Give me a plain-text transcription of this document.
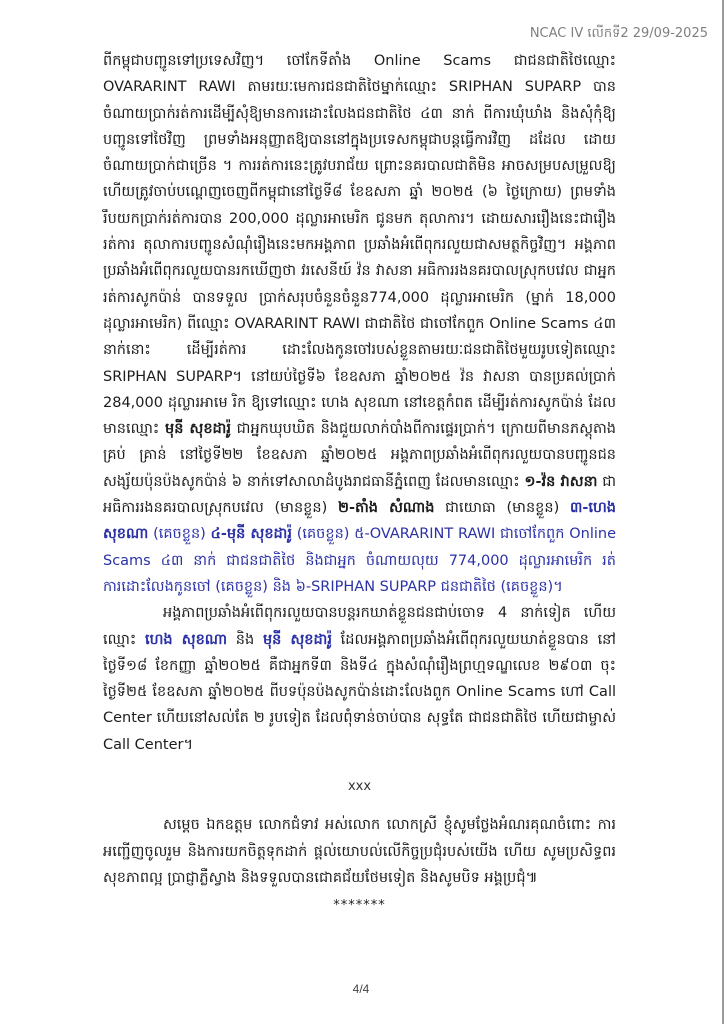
NCAC IV លើកទី2 29/09-2025

ពីកម្ពុជាបញ្ជូនទៅប្រទេសវិញ។ ចៅកែទីតាំង Online Scams ជាជនជាតិថៃឈ្មោះ OVARARINT RAWI តាមរយៈមេការជនជាតិថៃម្នាក់ឈ្មោះ SRIPHAN SUPARP បានចំណាយប្រាក់រត់ការដើម្បីសុំឱ្យមានការដោះលែងជនជាតិថៃ ៤៣ នាក់ ពីការឃុំឃាំង និងសុំកុំឱ្យបញ្ជូនទៅថៃវិញ ព្រមទាំងអនុញ្ញាតឱ្យបាននៅក្នុងប្រទេសកម្ពុជាបន្តធ្វើការវិញ ដដែល ដោយចំណាយប្រាក់ជាច្រើន ។ ការរត់ការនេះត្រូវបរាជ័យ ព្រោះនគរបាលជាតិមិន អាចសម្របសម្រួលឱ្យ ហើយត្រូវចាប់បណ្តេញចេញពីកម្ពុជានៅថ្ងៃទី៨ ខែឧសភា ឆ្នាំ ២០២៥ (៦ ថ្ងៃក្រោយ) ព្រមទាំងរឹបយកប្រាក់រត់ការបាន 200,000 ដុល្លារអាមេរិក ជូនមក តុលាការ។ ដោយសាររឿងនេះជារឿងរត់ការ តុលាការបញ្ជូនសំណុំរឿងនេះមកអង្គភាព ប្រឆាំងអំពើពុករលួយជាសមត្ថកិច្ចវិញ។ អង្គភាពប្រឆាំងអំពើពុករលួយបានរកឃើញថា វរសេនីយ៍ វ៉ន វាសនា អធិការរងនគរបាលស្រុកបវេល ជាអ្នករត់ការសូកប៉ាន់ បានទទួល ប្រាក់សរុបចំនួនចំនួន774,000 ដុល្លារអាមេរិក (ម្នាក់ 18,000 ដុល្លារអាមេរិក) ពីឈ្មោះ OVARARINT RAWI ជាជាតិថៃ ជាចៅកែពួក Online Scams ៤៣ នាក់នោះ ដើម្បីរត់ការ ដោះលែងកូនចៅរបស់ខ្លួនតាមរយៈជនជាតិថៃមួយរូបទៀតឈ្មោះ SRIPHAN SUPARP។ នៅយប់ថ្ងៃទី៦ ខែឧសភា ឆ្នាំ២០២៥ វ៉ន វាសនា បានប្រគល់ប្រាក់ 284,000 ដុល្លារអាមេ រិក ឱ្យទៅឈ្មោះ ហេង សុខណា នៅខេត្តកំពត ដើម្បីរត់ការសូកប៉ាន់ ដែលមានឈ្មោះ មុនី សុខដារ៉ូ ជាអ្នកឃុបឃិត និងជួយលាក់បាំងពីការផ្ទេរប្រាក់។ ក្រោយពីមានភស្តុតាងគ្រប់ គ្រាន់ នៅថ្ងៃទី២២ ខែឧសភា ឆ្នាំ២០២៥ អង្គភាពប្រឆាំងអំពើពុករលួយបានបញ្ជូនជន សង្ស័យប៉ុនប៉ងសូកប៉ាន់ ៦ នាក់ទៅសាលាដំបូងរាជធានីភ្នំពេញ ដែលមានឈ្មោះ ១-វ៉ន វាសនា ជាអធិការរងនគរបាលស្រុកបវេល (មានខ្លួន) ២-តាំង សំណាង ជាយោធា (មានខ្លួន) ៣-ហេង សុខណា (គេចខ្លួន) ៤-មុនី សុខដារ៉ូ (គេចខ្លួន) ៥-OVARARINT RAWI ជាចៅកែពួក Online Scams ៤៣ នាក់ ជាជនជាតិថៃ និងជាអ្នក ចំណាយលុយ 774,000 ដុល្លារអាមេរិក រត់ការដោះលែងកូនចៅ (គេចខ្លួន) និង ៦-SRIPHAN SUPARP ជនជាតិថៃ (គេចខ្លួន)។

អង្គភាពប្រឆាំងអំពើពុករលួយបានបន្តរកឃាត់ខ្លួនជនជាប់ចោទ 4 នាក់ទៀត ហើយ ឈ្មោះ ហេង សុខណា និង មុនី សុខដារ៉ូ ដែលអង្គភាពប្រឆាំងអំពើពុករលួយឃាត់ខ្លួនបាន នៅថ្ងៃទី១៨ ខែកញ្ញា ឆ្នាំ២០២៥ គឺជាអ្នកទី៣ និងទី៤ ក្នុងសំណុំរឿងព្រហ្មទណ្ឌលេខ ២៩០៣ ចុះថ្ងៃទី២៥ ខែឧសភា ឆ្នាំ២០២៥ ពីបទប៉ុនប៉ងសូកប៉ាន់ដោះលែងពួក Online Scams ហៅ Call Center ហើយនៅសល់តែ ២ រូបទៀត ដែលពុំទាន់ចាប់បាន សុទ្ធតែ ជាជនជាតិថៃ ហើយជាម្ចាស់ Call Center។

xxx

សម្តេច ឯកឧត្តម លោកជំទាវ អស់លោក លោកស្រី ខ្ញុំសូមថ្លែងអំណរគុណចំពោះ ការអញ្ជើញចូលរួម និងការយកចិត្តទុកដាក់ ផ្តល់យោបល់លើកិច្ចប្រជុំរបស់យើង ហើយ សូមប្រសិទ្ធពរ សុខភាពល្អ ប្រាជ្ញាភ្លឺស្វាង និងទទួលបានជោគជ័យថែមទៀត និងសូមបិទ អង្គប្រជុំ៕

*******

4/4
